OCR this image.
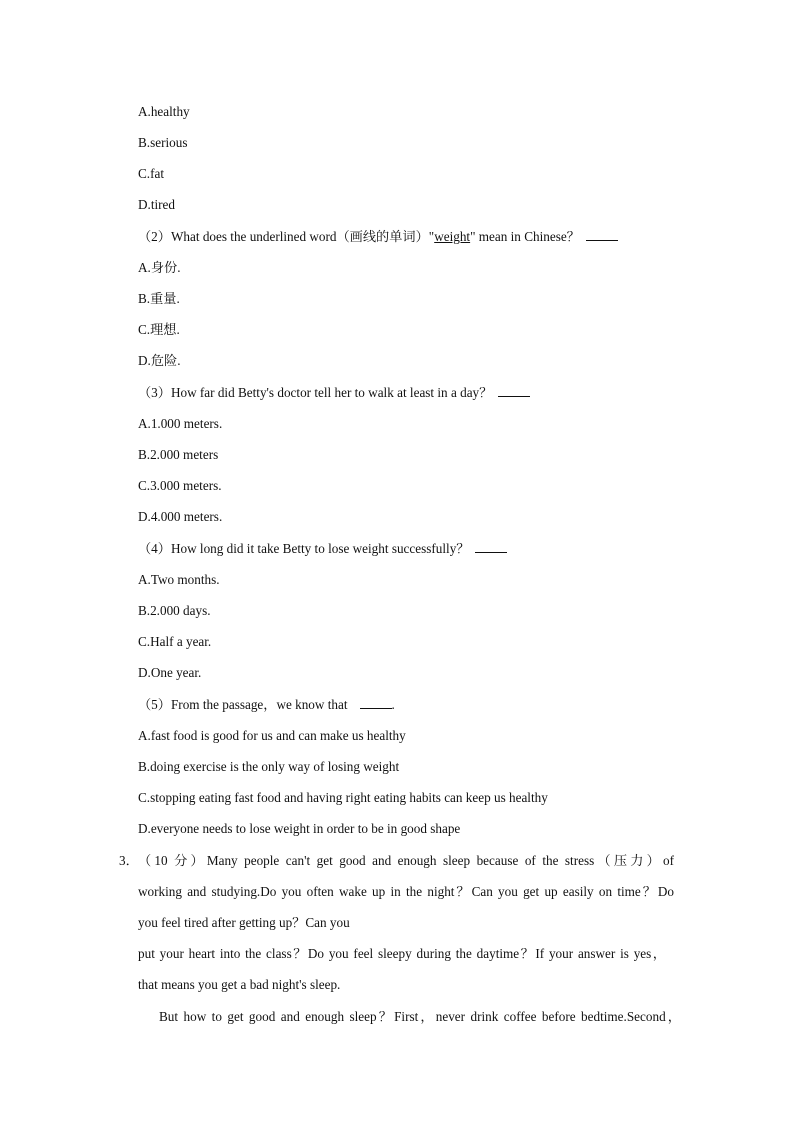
A.healthy
B.serious
C.fat
D.tired
（2）What does the underlined word（画线的单词）"weight" mean in Chinese？
A.身份.
B.重量.
C.理想.
D.危险.
（3）How far did Betty's doctor tell her to walk at least in a day？
A.1.000 meters.
B.2.000 meters
C.3.000 meters.
D.4.000 meters.
（4）How long did it take Betty to lose weight successfully？
A.Two months.
B.2.000 days.
C.Half a year.
D.One year.
（5）From the passage，we know that	.
A.fast food is good for us and can make us healthy
B.doing exercise is the only way of losing weight
C.stopping eating fast food and having right eating habits can keep us healthy
D.everyone needs to lose weight in order to be in good shape
3． （10 分）Many people can't get good and enough sleep because of the stress（压力）of
working and studying.Do you often wake up in the night？Can you get up easily on time？Do
you feel tired after getting up？Can you
put your heart into the class？Do you feel sleepy during the daytime？If your answer is yes，
that means you get a bad night's sleep.
But how to get good and enough sleep？First，never drink coffee before bedtime.Second，
